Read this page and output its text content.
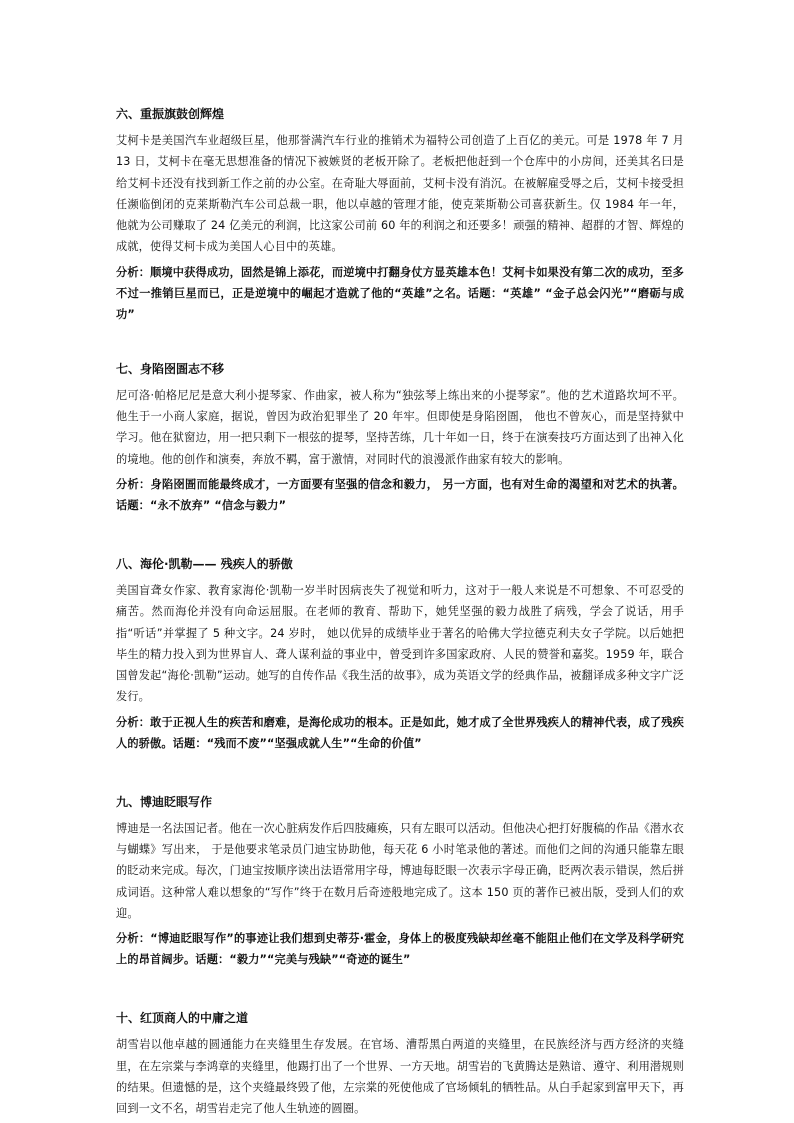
六、重振旗鼓创辉煌

艾柯卡是美国汽车业超级巨星，他那誉满汽车行业的推销术为福特公司创造了上百亿的美元。可是 1978 年 7 月 13 日，艾柯卡在毫无思想准备的情况下被嫉贤的老板开除了。老板把他赶到一个仓库中的小房间，还美其名曰是给艾柯卡还没有找到新工作之前的办公室。在奇耻大辱面前，艾柯卡没有消沉。在被解雇受辱之后，艾柯卡接受担任濒临倒闭的克莱斯勒汽车公司总裁一职，他以卓越的管理才能，使克莱斯勒公司喜获新生。仅 1984 年一年，他就为公司赚取了 24 亿美元的利润，比这家公司前 60 年的利润之和还要多！顽强的精神、超群的才智、辉煌的成就，使得艾柯卡成为美国人心目中的英雄。

分析：顺境中获得成功，固然是锦上添花，而逆境中打翻身仗方显英雄本色！艾柯卡如果没有第二次的成功，至多不过一推销巨星而已，正是逆境中的崛起才造就了他的“英雄”之名。话题：“英雄” “金子总会闪光”“磨砺与成功”

七、身陷囹圄志不移

尼可洛·帕格尼尼是意大利小提琴家、作曲家，被人称为“独弦琴上练出来的小提琴家”。他的艺术道路坎坷不平。他生于一小商人家庭，据说，曾因为政治犯罪坐了 20 年牢。但即使是身陷囹圄， 他也不曾灰心，而是坚持狱中学习。他在狱窗边，用一把只剩下一根弦的提琴，坚持苦练，几十年如一日，终于在演奏技巧方面达到了出神入化的境地。他的创作和演奏，奔放不羁，富于激情，对同时代的浪漫派作曲家有较大的影响。

分析：身陷囹圄而能最终成才，一方面要有坚强的信念和毅力， 另一方面，也有对生命的渴望和对艺术的执著。话题：“永不放弃” “信念与毅力”

八、海伦·凯勒—— 残疾人的骄傲

美国盲聋女作家、教育家海伦·凯勒一岁半时因病丧失了视觉和听力，这对于一般人来说是不可想象、不可忍受的痛苦。然而海伦并没有向命运屈服。在老师的教育、帮助下，她凭坚强的毅力战胜了病残，学会了说话，用手指“听话”并掌握了 5 种文字。24 岁时， 她以优异的成绩毕业于著名的哈佛大学拉德克利夫女子学院。以后她把毕生的精力投入到为世界盲人、聋人谋利益的事业中，曾受到许多国家政府、人民的赞誉和嘉奖。1959 年，联合国曾发起“海伦·凯勒”运动。她写的自传作品《我生活的故事》，成为英语文学的经典作品，被翻译成多种文字广泛发行。

分析：敢于正视人生的疾苦和磨难，是海伦成功的根本。正是如此，她才成了全世界残疾人的精神代表，成了残疾人的骄傲。话题：“残而不废”“坚强成就人生”“生命的价值”

九、博迪眨眼写作

博迪是一名法国记者。他在一次心脏病发作后四肢瘫痪，只有左眼可以活动。但他决心把打好腹稿的作品《潜水衣与蝴蝶》写出来， 于是他要求笔录员门迪宝协助他，每天花 6 小时笔录他的著述。而他们之间的沟通只能靠左眼的眨动来完成。每次，门迪宝按顺序读出法语常用字母，博迪每眨眼一次表示字母正确，眨两次表示错误，然后拼成词语。这种常人难以想象的“写作”终于在数月后奇迹般地完成了。这本 150 页的著作已被出版，受到人们的欢迎。

分析：“博迪眨眼写作”的事迹让我们想到史蒂芬·霍金，身体上的极度残缺却丝毫不能阻止他们在文学及科学研究上的昂首阔步。话题：“毅力”“完美与残缺”“奇迹的诞生”

十、红顶商人的中庸之道

胡雪岩以他卓越的圆通能力在夹缝里生存发展。在官场、漕帮黑白两道的夹缝里，在民族经济与西方经济的夹缝里，在左宗棠与李鸿章的夹缝里，他踢打出了一个世界、一方天地。胡雪岩的飞黄腾达是熟谙、遵守、利用潜规则的结果。但遗憾的是，这个夹缝最终毁了他，左宗棠的死使他成了官场倾轧的牺牲品。从白手起家到富甲天下，再回到一文不名，胡雪岩走完了他人生轨迹的圆圈。
